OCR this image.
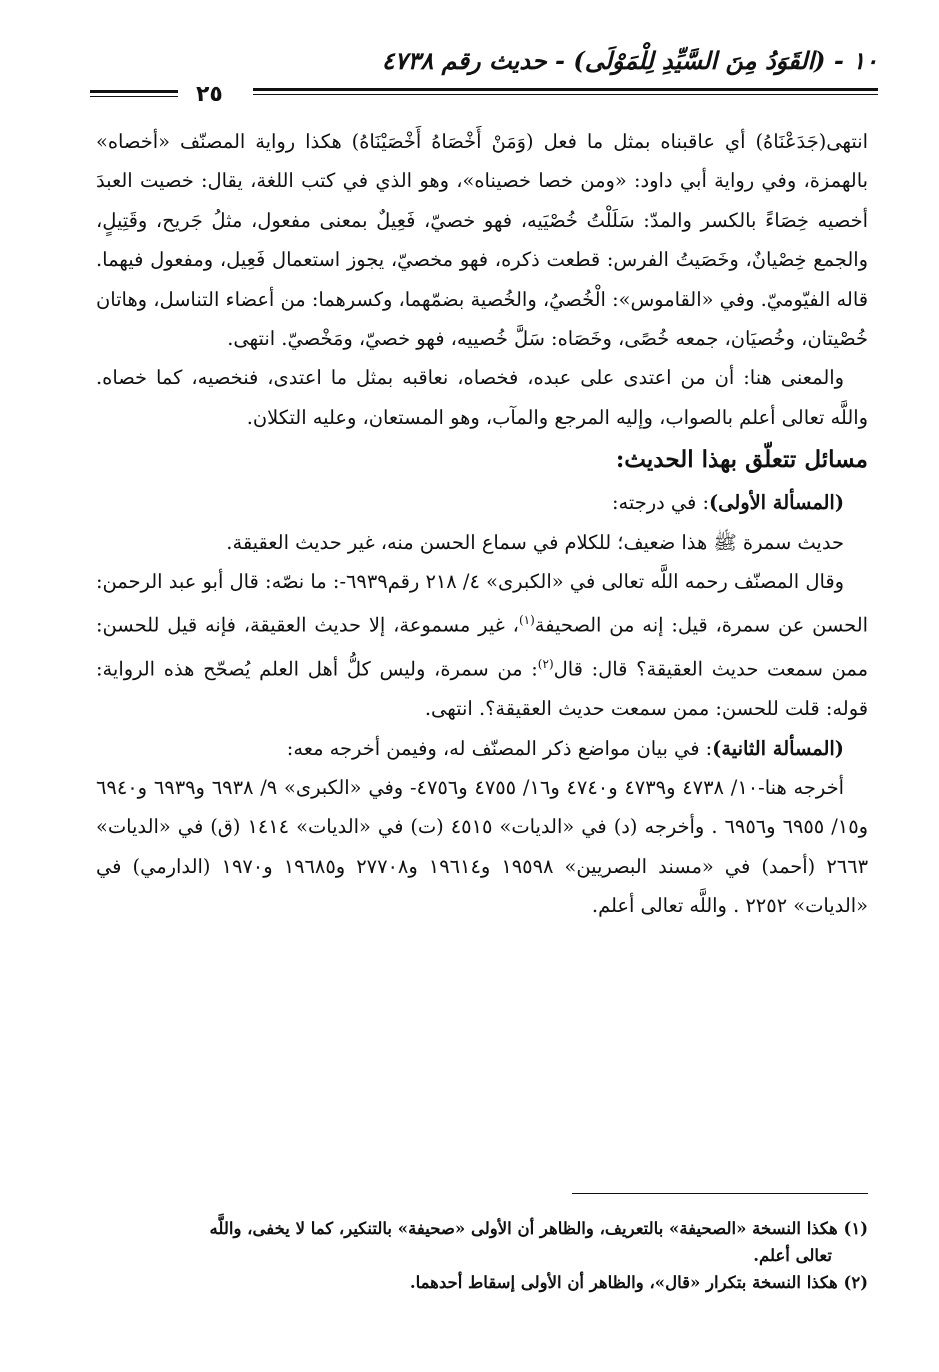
١٠ - (القَوَدُ مِنَ السَّيِّدِ لِلْمَوْلَى) - حديث رقم ٤٧٣٨
٢٥

انتهى(جَدَعْنَاهُ) أي عاقبناه بمثل ما فعل (وَمَنْ أَخْصَاهُ أَخْصَيْنَاهُ) هكذا رواية المصنّف «أخصاه» بالهمزة، وفي رواية أبي داود: «ومن خصا خصيناه»، وهو الذي في كتب اللغة، يقال: خصيت العبدَ أخصيه خِصَاءً بالكسر والمدّ: سَلَلْتُ خُصْيَيه، فهو خصيّ، فَعِيلٌ بمعنى مفعول، مثلُ جَريح، وقَتِيلٍ، والجمع خِصْيانٌ، وخَصَيتُ الفرس: قطعت ذكره، فهو مخصيّ، يجوز استعمال فَعِيل، ومفعول فيهما. قاله الفيّوميّ. وفي «القاموس»: الْخُصيُ، والخُصية بضمّهما، وكسرهما: من أعضاء التناسل، وهاتان خُصْيتان، وخُصيَان، جمعه خُصًى، وخَصَاه: سَلَّ خُصييه، فهو خصيّ، ومَخْصيّ. انتهى.

والمعنى هنا: أن من اعتدى على عبده، فخصاه، نعاقبه بمثل ما اعتدى، فنخصيه، كما خصاه. واللَّه تعالى أعلم بالصواب، وإليه المرجع والمآب، وهو المستعان، وعليه التكلان.

مسائل تتعلّق بهذا الحديث:

(المسألة الأولى): في درجته:

حديث سمرة ﷺ هذا ضعيف؛ للكلام في سماع الحسن منه، غير حديث العقيقة.

وقال المصنّف رحمه اللَّه تعالى في «الكبرى» ٤/ ٢١٨ رقم٦٩٣٩-: ما نصّه: قال أبو عبد الرحمن: الحسن عن سمرة، قيل: إنه من الصحيفة$^{(١)}$، غير مسموعة، إلا حديث العقيقة، فإنه قيل للحسن: ممن سمعت حديث العقيقة؟ قال: قال$^{(٢)}$: من سمرة، وليس كلُّ أهل العلم يُصحّح هذه الرواية: قوله: قلت للحسن: ممن سمعت حديث العقيقة؟. انتهى.

(المسألة الثانية): في بيان مواضع ذكر المصنّف له، وفيمن أخرجه معه:

أخرجه هنا-١٠/ ٤٧٣٨ و٤٧٣٩ و٤٧٤٠ و١٦/ ٤٧٥٥ و٤٧٥٦- وفي «الكبرى» ٩/ ٦٩٣٨ و٦٩٣٩ و٦٩٤٠ و١٥/ ٦٩٥٥ و٦٩٥٦ . وأخرجه (د) في «الديات» ٤٥١٥ (ت) في «الديات» ١٤١٤ (ق) في «الديات» ٢٦٦٣ (أحمد) في «مسند البصريين» ١٩٥٩٨ و١٩٦١٤ و٢٧٧٠٨ و١٩٦٨٥ و١٩٧٠ (الدارمي) في «الديات» ٢٢٥٢ . واللَّه تعالى أعلم.

(١) هكذا النسخة «الصحيفة» بالتعريف، والظاهر أن الأولى «صحيفة» بالتنكير، كما لا يخفى، واللَّه

تعالى أعلم.

(٢) هكذا النسخة بتكرار «قال»، والظاهر أن الأولى إسقاط أحدهما.
